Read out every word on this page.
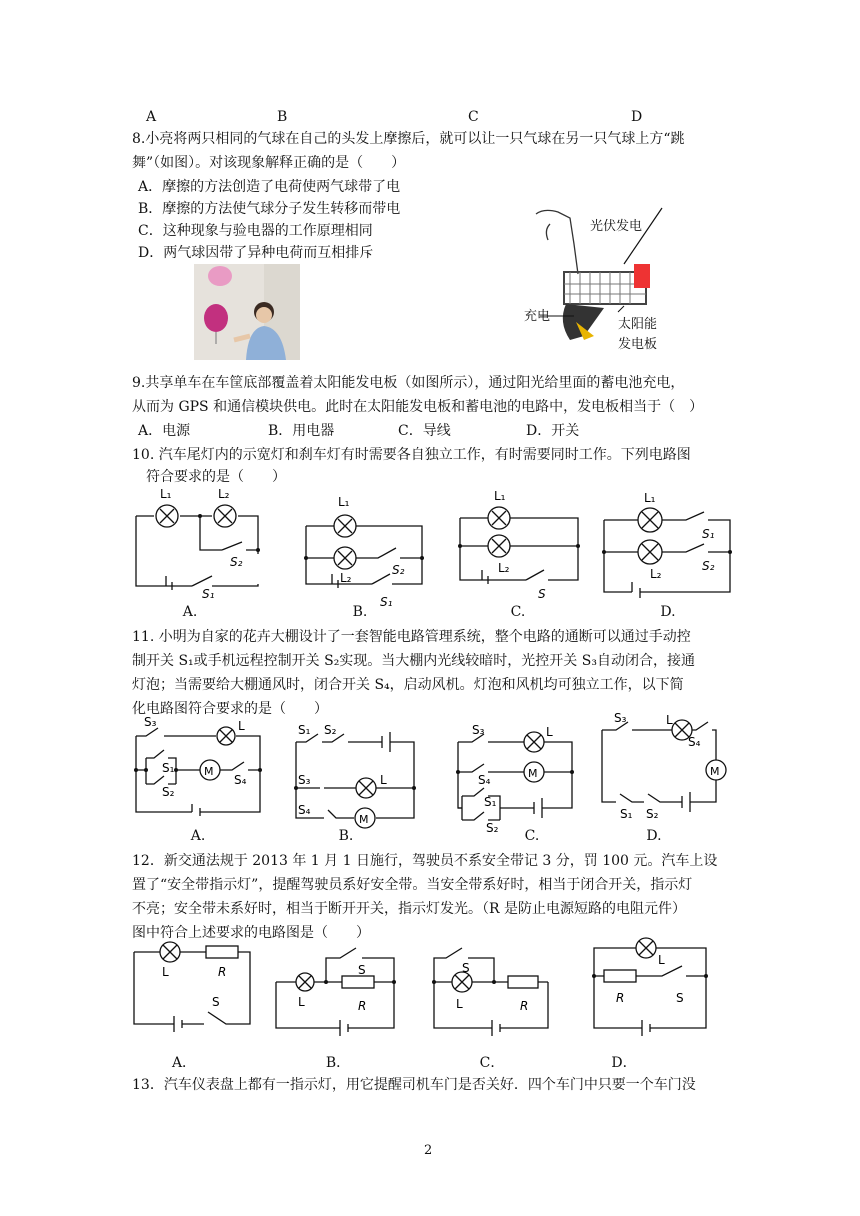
A	B	C	D
8.小亮将两只相同的气球在自己的头发上摩擦后，就可以让一只气球在另一只气球上方“跳
舞”（如图）。对该现象解释正确的是（　　）
A．摩擦的方法创造了电荷使两气球带了电
B．摩擦的方法使气球分子发生转移而带电
C．这种现象与验电器的工作原理相同
D．两气球因带了异种电荷而互相排斥
光伏发电
充电
太阳能
发电板
9.共享单车在车筐底部覆盖着太阳能发电板（如图所示），通过阳光给里面的蓄电池充电，
从而为 GPS 和通信模块供电。此时在太阳能发电板和蓄电池的电路中，发电板相当于（　）
A．电源	B．用电器	C．导线	D．开关
10. 汽车尾灯内的示宽灯和刹车灯有时需要各自独立工作，有时需要同时工作。下列电路图
符合要求的是（　　）
L₁	L₂
S₂
S₁
A.
L₁
L₂
S₂
S₁
B.
L₁
L₂
S
C.
L₁
L₂
S₁
S₂
D.
11. 小明为自家的花卉大棚设计了一套智能电路管理系统，整个电路的通断可以通过手动控
制开关 S₁或手机远程控制开关 S₂实现。当大棚内光线较暗时，光控开关 S₃自动闭合，接通
灯泡；当需要给大棚通风时，闭合开关 S₄，启动风机。灯泡和风机均可独立工作，以下简
化电路图符合要求的是（　　）
M
S₃	L
S₁
S₂
S₄
A.
S₁ S₂
S₃	L
S₄
M
B.
M
S₃	L
S₄
S₁
S₂	C.
M
S₃	L
S₄
S₁ S₂
D.
12．新交通法规于 2013 年 1 月 1 日施行，驾驶员不系安全带记 3 分，罚 100 元。汽车上设
置了“安全带指示灯”，提醒驾驶员系好安全带。当安全带系好时，相当于闭合开关，指示灯
不亮；安全带未系好时，相当于断开开关，指示灯发光。（R 是防止电源短路的电阻元件）
图中符合上述要求的电路图是（　　）
L	R
S
A．
L	R
S
B．
L	R
S
C．
L
R	S
D．
13．汽车仪表盘上都有一指示灯，用它提醒司机车门是否关好．四个车门中只要一个车门没
2
